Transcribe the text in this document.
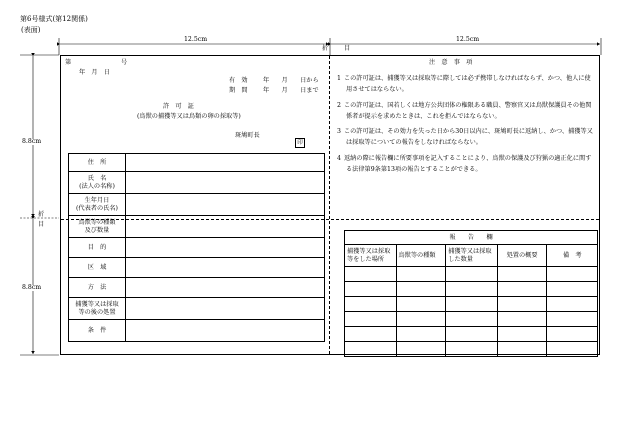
第6号様式(第12関係)
(表面)
12.5cm	12.5cm
折	目
8.8cm
8.8cm
折
目
第	号
年　月　日
有　効 年　　月　　日から
期　間 年　　月　　日まで
許　可　証
(鳥獣の捕獲等又は鳥類の卵の採取等)
斑鳩町長
印
住　所	

氏　名
(法人の名称)	

生年月日
(代表者の氏名)	

鳥獣等の種類
及び数量	

目　的	

区　域	

方　法	

捕獲等又は採取
等の後の処置	

条　件	

注　意　事　項
1 この許可証は、捕獲等又は採取等に際しては必ず携帯しなければならず、かつ、他人に使用させてはならない。
2 この許可証は、国若しくは地方公共団体の権限ある職員、警察官又は鳥獣保護員その他関係者が提示を求めたときは、これを拒んではならない。
3 この許可証は、その効力を失った日から30日以内に、斑鳩町長に返納し、かつ、捕獲等又は採取等についての報告をしなければならない。
4 返納の際に報告欄に所要事項を記入することにより、鳥獣の保護及び狩猟の適正化に関する法律第9条第13項の報告とすることができる。
報　　告　　欄				
捕獲等又は採取等をした場所	鳥獣等の種類	捕獲等又は採取した数量	処置の概要	備　考
